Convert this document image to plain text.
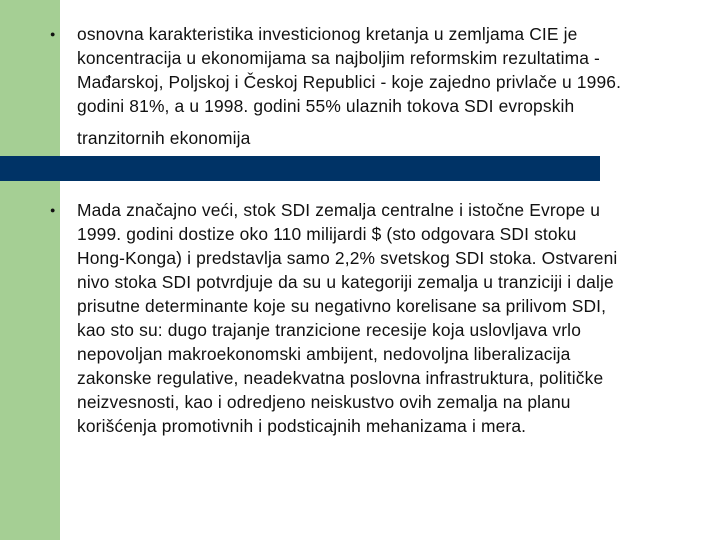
● osnovna karakteristika investicionog kretanja u zemljama CIE je
koncentracija u ekonomijama sa najboljim reformskim rezultatima -
Mađarskoj, Poljskoj i Českoj Republici - koje zajedno privlače u 1996.
godini 81%, a u 1998. godini 55% ulaznih tokova SDI evropskih
tranzitornih ekonomija
● Mada značajno veći, stok SDI zemalja centralne i istočne Evrope u
1999. godini dostize oko 110 milijardi $ (sto odgovara SDI stoku
Hong-Konga) i predstavlja samo 2,2% svetskog SDI stoka. Ostvareni
nivo stoka SDI potvrdjuje da su u kategoriji zemalja u tranziciji i dalje
prisutne determinante koje su negativno korelisane sa prilivom SDI,
kao sto su: dugo trajanje tranzicione recesije koja uslovljava vrlo
nepovoljan makroekonomski ambijent, nedovoljna liberalizacija
zakonske regulative, neadekvatna poslovna infrastruktura, političke
neizvesnosti, kao i odredjeno neiskustvo ovih zemalja na planu
korišćenja promotivnih i podsticajnih mehanizama i mera.
